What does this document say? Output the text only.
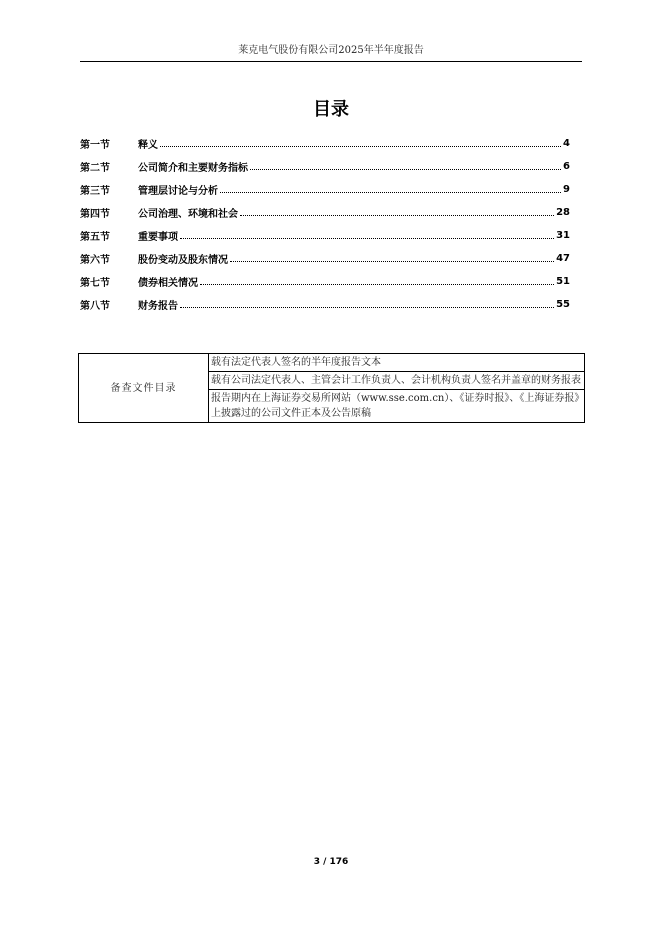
莱克电气股份有限公司2025年半年度报告
目录
第一节	释义	4
第二节	公司简介和主要财务指标	6
第三节	管理层讨论与分析	9
第四节	公司治理、环境和社会	28
第五节	重要事项	31
第六节	股份变动及股东情况	47
第七节	债券相关情况	51
第八节	财务报告	55
备查文件目录	载有法定代表人签名的半年度报告文本
载有公司法定代表人、主管会计工作负责人、会计机构负责人签名并盖章的财务报表
报告期内在上海证券交易所网站（www.sse.com.cn）、《证券时报》、《上海证券报》上披露过的公司文件正本及公告原稿
3 / 176
